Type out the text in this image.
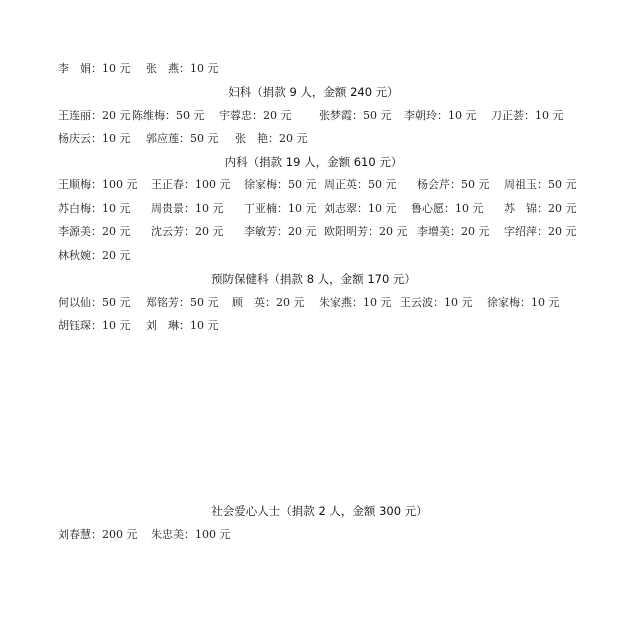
李　娟：10 元 张　燕：10 元
妇科（捐款 9 人，金额 240 元）
王连丽：20 元 陈维梅：50 元 宇蓉忠：20 元	张梦霞：50 元 李朝玲：10 元 刀正荟：10 元
杨庆云：10 元 郭应莲：50 元 张　艳：20 元
内科（捐款 19 人，金额 610 元）
王顺梅：100 元 王正春：100 元 徐家梅：50 元 周正英：50 元 杨会芹：50 元 周祖玉：50 元
苏白梅：10 元 周贵景：10 元 丁亚楠：10 元 刘志翠：10 元 鲁心愿：10 元 苏　锦：20 元
李源美：20 元 沈云芳：20 元 李敏芳：20 元 欧阳明芳：20 元 李增美：20 元 字绍萍：20 元
林秋婉：20 元
预防保健科（捐款 8 人，金额 170 元）
何以仙：50 元 郑铭芳：50 元 顾　英：20 元 朱家燕：10 元 王云波：10 元 徐家梅：10 元
胡钰琛：10 元 刘　琳：10 元
社会爱心人士（捐款 2 人，金额 300 元）
刘春慧：200 元 朱忠美：100 元
